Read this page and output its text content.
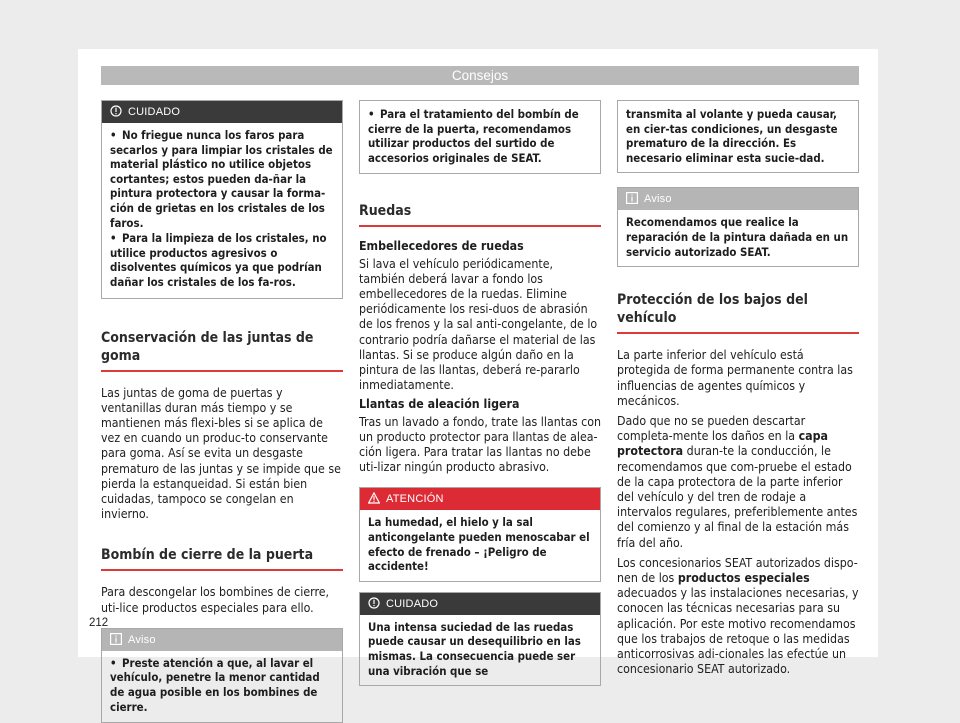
Consejos
CUIDADO
• No friegue nunca los faros para secarlos y para limpiar los cristales de material plástico no utilice objetos cortantes; estos pueden da-ñar la pintura protectora y causar la forma-ción de grietas en los cristales de los faros.
• Para la limpieza de los cristales, no utilice productos agresivos o disolventes químicos ya que podrían dañar los cristales de los fa-ros.
Conservación de las juntas de goma

Las juntas de goma de puertas y ventanillas duran más tiempo y se mantienen más flexi-bles si se aplica de vez en cuando un produc-to conservante para goma. Así se evita un desgaste prematuro de las juntas y se impide que se pierda la estanqueidad. Si están bien cuidadas, tampoco se congelan en invierno.

Bombín de cierre de la puerta

Para descongelar los bombines de cierre, uti-lice productos especiales para ello.

Aviso
• Preste atención a que, al lavar el vehículo, penetre la menor cantidad de agua posible en los bombines de cierre.
• Para el tratamiento del bombín de cierre de la puerta, recomendamos utilizar productos del surtido de accesorios originales de SEAT.
Ruedas

Embellecedores de ruedas

Si lava el vehículo periódicamente, también deberá lavar a fondo los embellecedores de la ruedas. Elimine periódicamente los resi-duos de abrasión de los frenos y la sal anti-congelante, de lo contrario podría dañarse el material de las llantas. Si se produce algún daño en la pintura de las llantas, deberá re-pararlo inmediatamente.

Llantas de aleación ligera

Tras un lavado a fondo, trate las llantas con un producto protector para llantas de alea-ción ligera. Para tratar las llantas no debe uti-lizar ningún producto abrasivo.

ATENCIÓN
La humedad, el hielo y la sal anticongelante pueden menoscabar el efecto de frenado – ¡Peligro de accidente!
CUIDADO
Una intensa suciedad de las ruedas puede causar un desequilibrio en las mismas. La consecuencia puede ser una vibración que se
transmita al volante y pueda causar, en cier-tas condiciones, un desgaste prematuro de la dirección. Es necesario eliminar esta sucie-dad.
Aviso
Recomendamos que realice la reparación de la pintura dañada en un servicio autorizado SEAT.
Protección de los bajos del vehículo

La parte inferior del vehículo está protegida de forma permanente contra las influencias de agentes químicos y mecánicos.

Dado que no se pueden descartar completa-mente los daños en la capa protectora duran-te la conducción, le recomendamos que com-pruebe el estado de la capa protectora de la parte inferior del vehículo y del tren de rodaje a intervalos regulares, preferiblemente antes del comienzo y al final de la estación más fría del año.

Los concesionarios SEAT autorizados dispo-nen de los productos especiales adecuados y las instalaciones necesarias, y conocen las técnicas necesarias para su aplicación. Por este motivo recomendamos que los trabajos de retoque o las medidas anticorrosivas adi-cionales las efectúe un concesionario SEAT autorizado.

212
